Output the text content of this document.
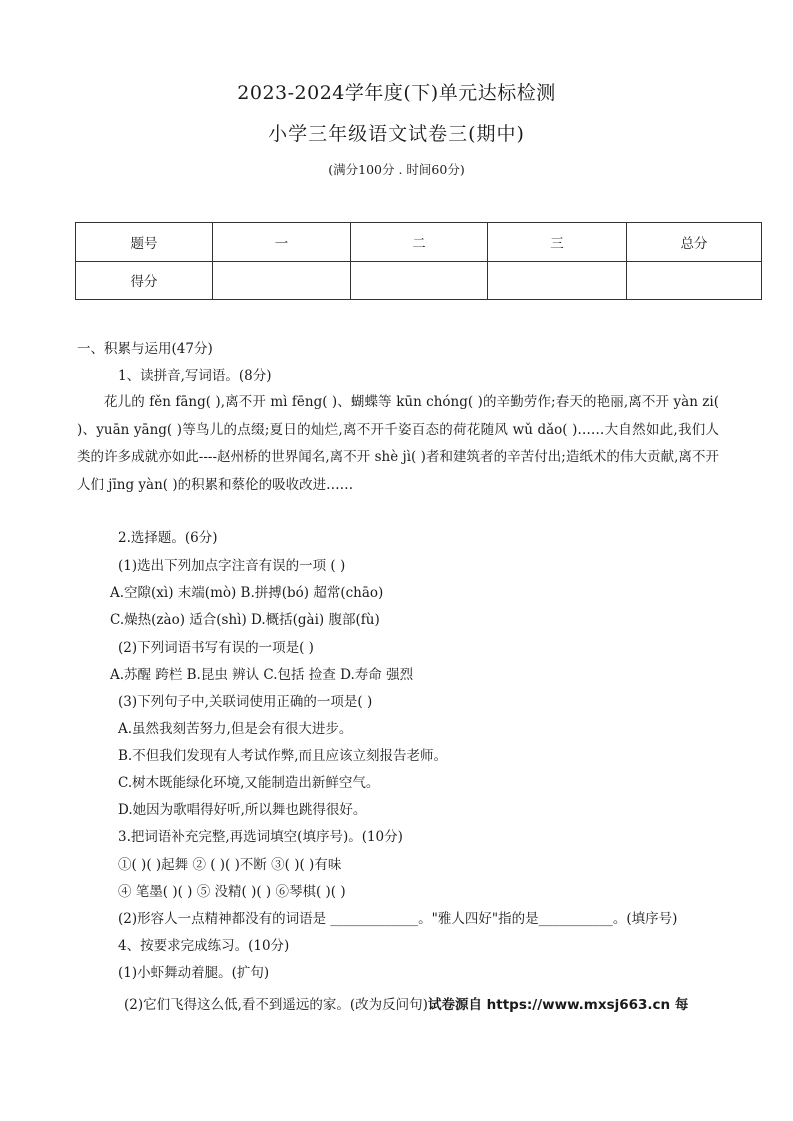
2023-2024学年度(下)单元达标检测
小学三年级语文试卷三(期中)
(满分100分 . 时间60分)
题号	一	二	三	总分
得分				
一、积累与运用(47分)
1、读拼音,写词语。(8分)
花儿的 fěn fāng( ),离不开 mì fēng( )、蝴蝶等 kūn chóng( )的辛勤劳作;春天的艳丽,离不开 yàn zi( )、yuān yāng( )等鸟儿的点缀;夏日的灿烂,离不开千姿百态的荷花随风 wǔ dǎo( )……大自然如此,我们人类的许多成就亦如此----赵州桥的世界闻名,离不开 shè jì( )者和建筑者的辛苦付出;造纸术的伟大贡献,离不开人们 jīng yàn( )的积累和蔡伦的吸收改进……
2.选择题。(6分)
(1)选出下列加点字注音有误的一项 ( )
A.空隙(xì) 末端(mò) B.拼搏(bó) 超常(chāo)
C.燥热(zào) 适合(shì) D.概括(gài) 腹部(fù)
(2)下列词语书写有误的一项是( )
A.苏醒 跨栏 B.昆虫 辨认 C.包括 捡查 D.寿命 强烈
(3)下列句子中,关联词使用正确的一项是( )
A.虽然我刻苦努力,但是会有很大进步。
B.不但我们发现有人考试作弊,而且应该立刻报告老师。
C.树木既能绿化环境,又能制造出新鲜空气。
D.她因为歌唱得好听,所以舞也跳得很好。
3.把词语补充完整,再选词填空(填序号)。(10分)
①( )( )起舞 ② ( )( )不断 ③( )( )有味
④ 笔墨( )( ) ⑤ 没精( )( ) ⑥琴棋( )( )
(2)形容人一点精神都没有的词语是 _____________。"雅人四好"指的是___________。(填序号)
4、按要求完成练习。(10分)
(1)小虾舞动着腿。(扩句)
(2)它们飞得这么低,看不到遥远的家。(改为反问句)试卷源自 https://www.mxsj663.cn 每
